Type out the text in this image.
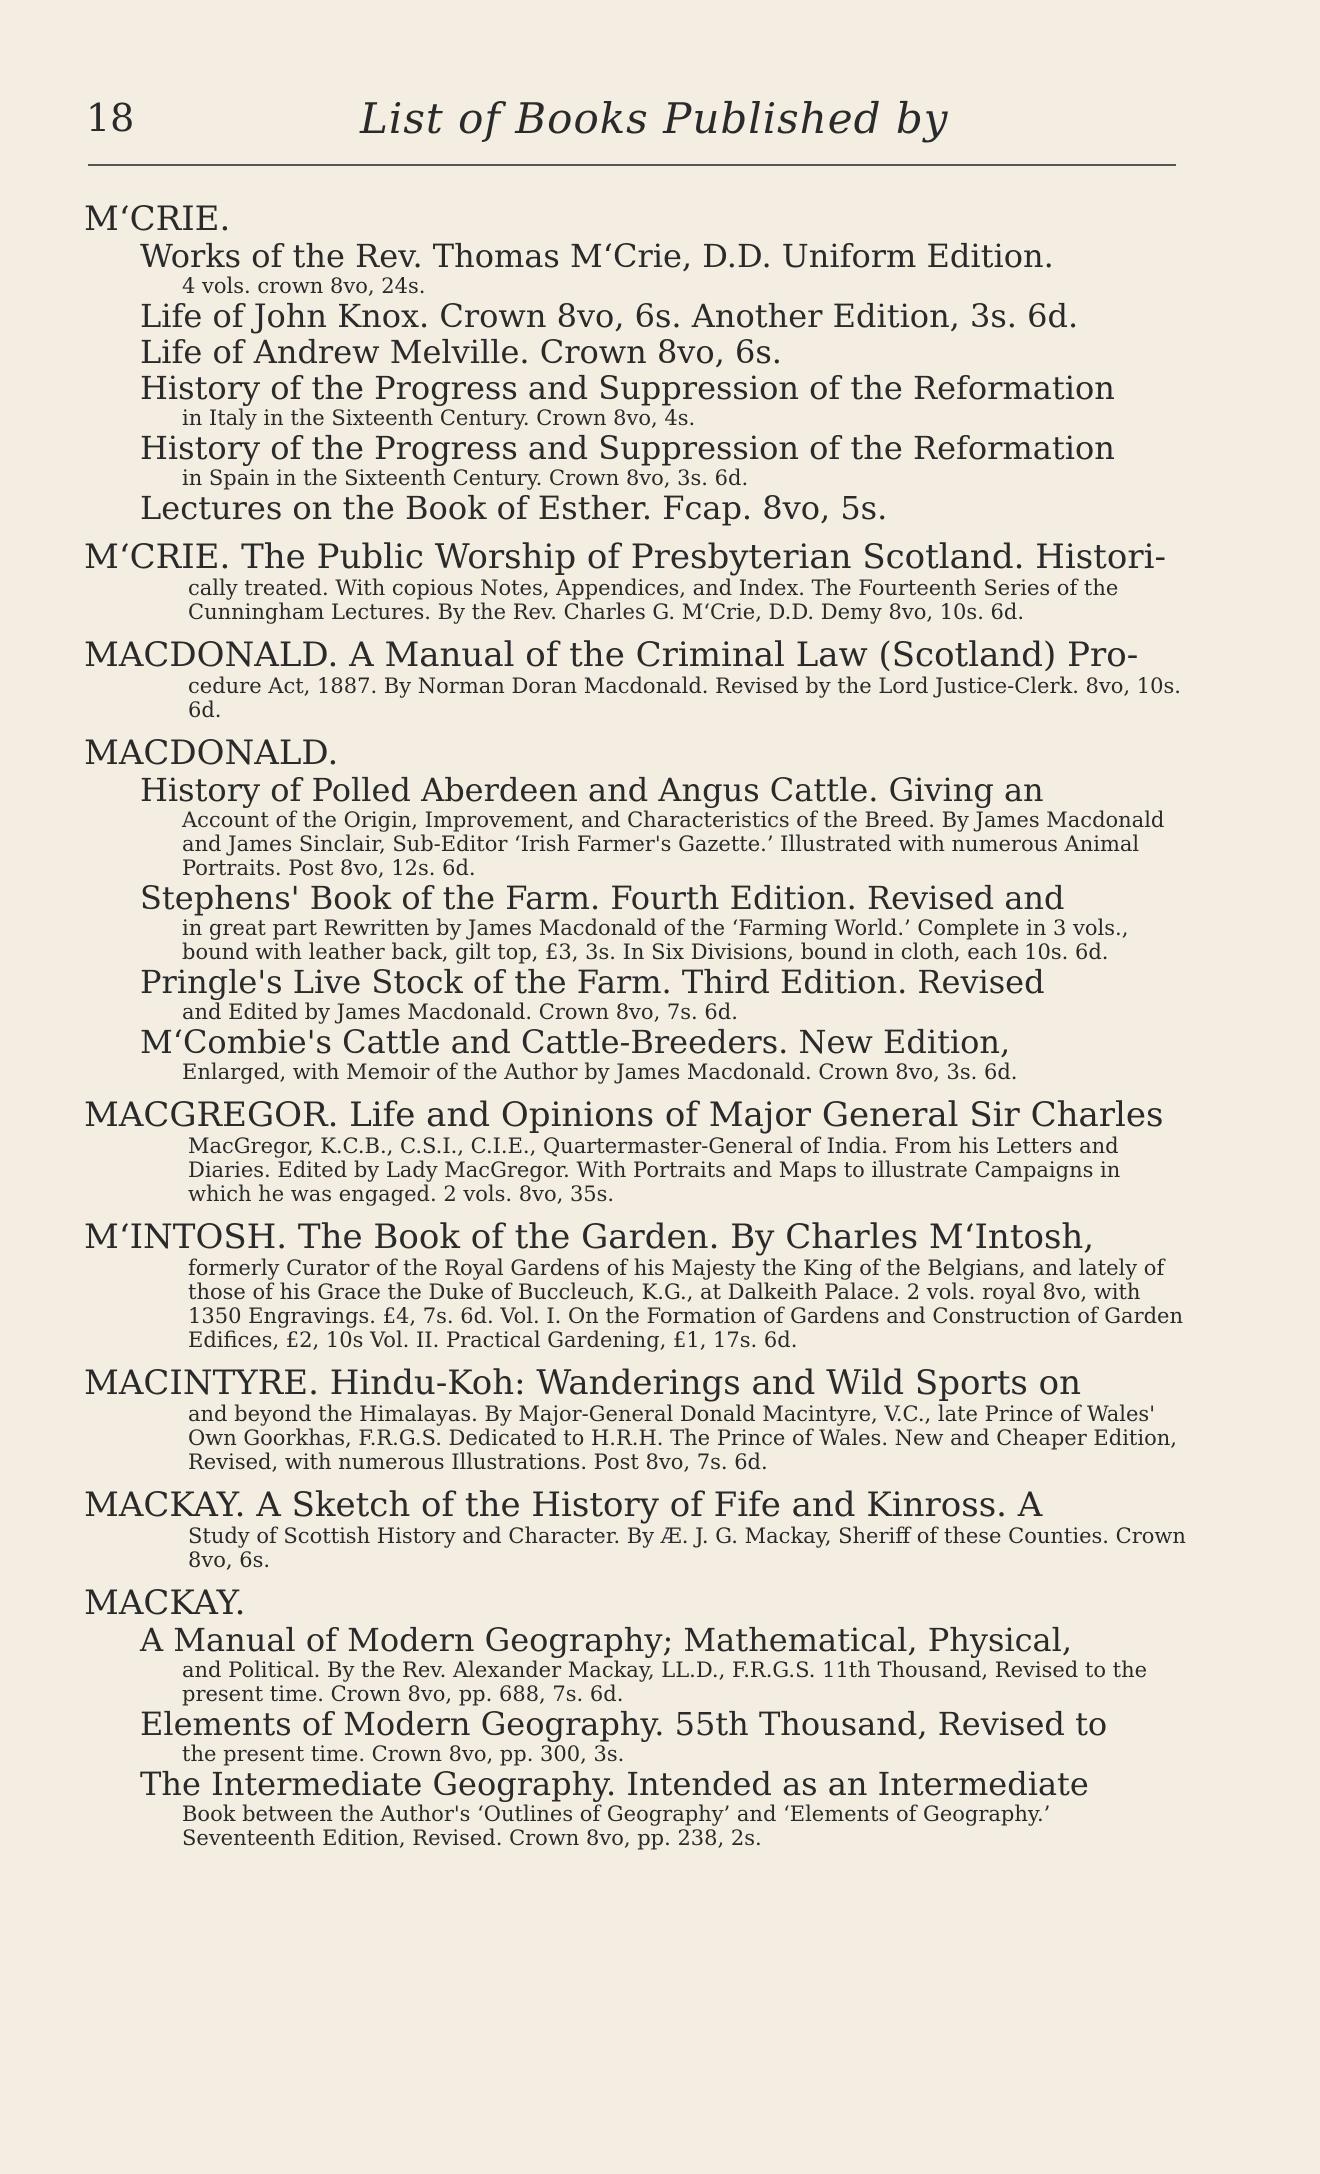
18	List of Books Published by
M‘CRIE.
Works of the Rev. Thomas M‘Crie, D.D. Uniform Edition.
4 vols. crown 8vo, 24s.
Life of John Knox. Crown 8vo, 6s. Another Edition, 3s. 6d.
Life of Andrew Melville. Crown 8vo, 6s.
History of the Progress and Suppression of the Reformation
in Italy in the Sixteenth Century. Crown 8vo, 4s.
History of the Progress and Suppression of the Reformation
in Spain in the Sixteenth Century. Crown 8vo, 3s. 6d.
Lectures on the Book of Esther. Fcap. 8vo, 5s.
M‘CRIE. The Public Worship of Presbyterian Scotland. Histori-
cally treated. With copious Notes, Appendices, and Index. The Fourteenth Series of the Cunningham Lectures. By the Rev. Charles G. M‘Crie, D.D. Demy 8vo, 10s. 6d.
MACDONALD. A Manual of the Criminal Law (Scotland) Pro-
cedure Act, 1887. By Norman Doran Macdonald. Revised by the Lord Justice-Clerk. 8vo, 10s. 6d.
MACDONALD.
History of Polled Aberdeen and Angus Cattle. Giving an
Account of the Origin, Improvement, and Characteristics of the Breed. By James Macdonald and James Sinclair, Sub-Editor ‘Irish Farmer's Gazette.’ Illustrated with numerous Animal Portraits. Post 8vo, 12s. 6d.
Stephens' Book of the Farm. Fourth Edition. Revised and
in great part Rewritten by James Macdonald of the ‘Farming World.’ Complete in 3 vols., bound with leather back, gilt top, £3, 3s. In Six Divisions, bound in cloth, each 10s. 6d.
Pringle's Live Stock of the Farm. Third Edition. Revised
and Edited by James Macdonald. Crown 8vo, 7s. 6d.
M‘Combie's Cattle and Cattle-Breeders. New Edition,
Enlarged, with Memoir of the Author by James Macdonald. Crown 8vo, 3s. 6d.
MACGREGOR. Life and Opinions of Major General Sir Charles
MacGregor, K.C.B., C.S.I., C.I.E., Quartermaster-General of India. From his Letters and Diaries. Edited by Lady MacGregor. With Portraits and Maps to illustrate Campaigns in which he was engaged. 2 vols. 8vo, 35s.
M‘INTOSH. The Book of the Garden. By Charles M‘Intosh,
formerly Curator of the Royal Gardens of his Majesty the King of the Belgians, and lately of those of his Grace the Duke of Buccleuch, K.G., at Dalkeith Palace. 2 vols. royal 8vo, with 1350 Engravings. £4, 7s. 6d. Vol. I. On the Formation of Gardens and Construction of Garden Edifices, £2, 10s Vol. II. Practical Gardening, £1, 17s. 6d.
MACINTYRE. Hindu-Koh: Wanderings and Wild Sports on
and beyond the Himalayas. By Major-General Donald Macintyre, V.C., late Prince of Wales' Own Goorkhas, F.R.G.S. Dedicated to H.R.H. The Prince of Wales. New and Cheaper Edition, Revised, with numerous Illustrations. Post 8vo, 7s. 6d.
MACKAY. A Sketch of the History of Fife and Kinross. A
Study of Scottish History and Character. By Æ. J. G. Mackay, Sheriff of these Counties. Crown 8vo, 6s.
MACKAY.
A Manual of Modern Geography; Mathematical, Physical,
and Political. By the Rev. Alexander Mackay, LL.D., F.R.G.S. 11th Thousand, Revised to the present time. Crown 8vo, pp. 688, 7s. 6d.
Elements of Modern Geography. 55th Thousand, Revised to
the present time. Crown 8vo, pp. 300, 3s.
The Intermediate Geography. Intended as an Intermediate
Book between the Author's ‘Outlines of Geography’ and ‘Elements of Geography.’ Seventeenth Edition, Revised. Crown 8vo, pp. 238, 2s.
